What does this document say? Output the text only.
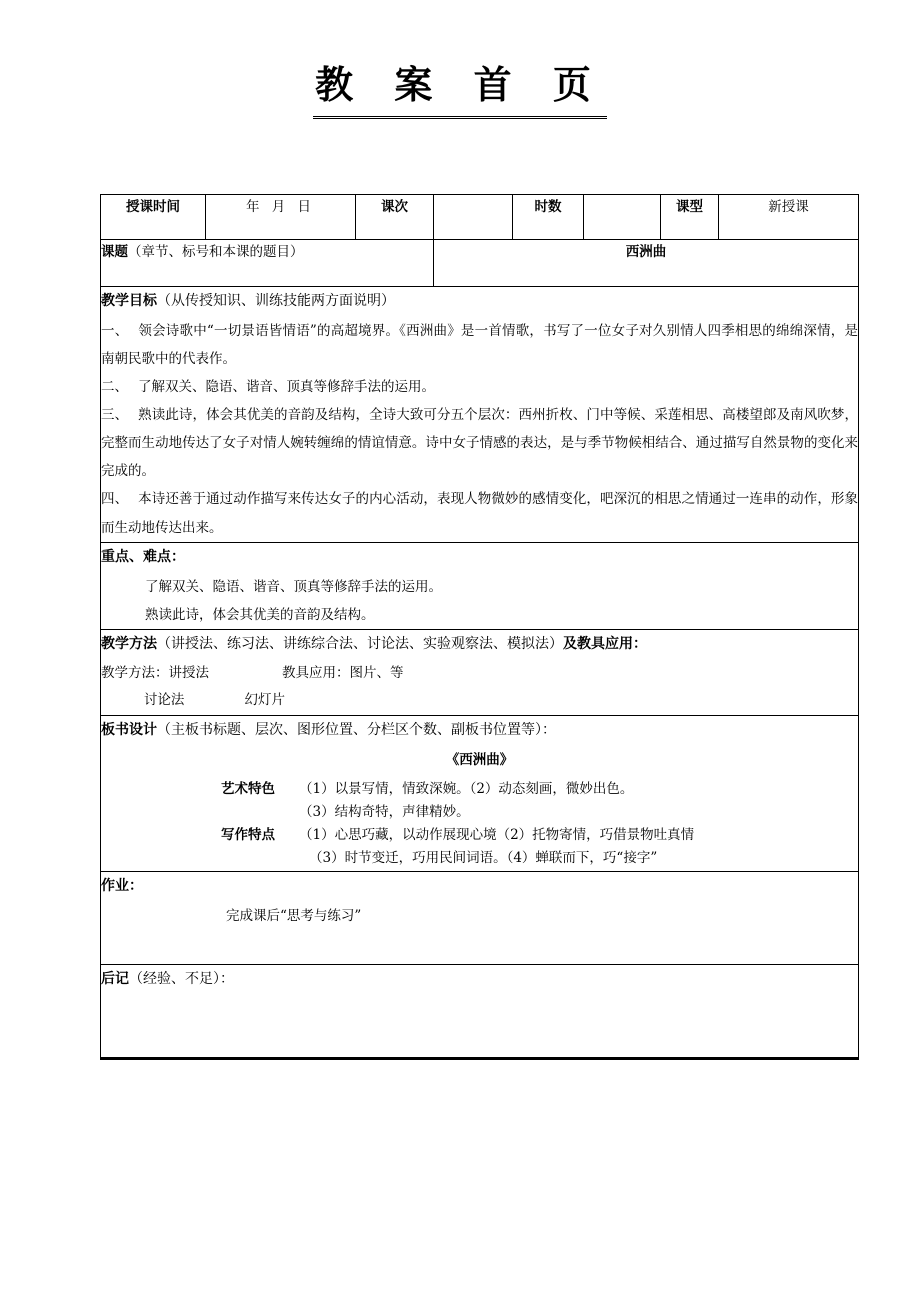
教 案 首 页
授课时间	年 月 日	课次		时数		课型	新授课
课题（章节、标号和本课的题目）			西洲曲				

教学目标（从传授知识、训练技能两方面说明）

一、 领会诗歌中“一切景语皆情语”的高超境界。《西洲曲》是一首情歌，书写了一位女子对久别情人四季相思的绵绵深情，是南朝民歌中的代表作。

二、 了解双关、隐语、谐音、顶真等修辞手法的运用。

三、 熟读此诗，体会其优美的音韵及结构，全诗大致可分五个层次：西州折枚、门中等候、采莲相思、高楼望郎及南风吹梦，完整而生动地传达了女子对情人婉转缠绵的情谊情意。诗中女子情感的表达，是与季节物候相结合、通过描写自然景物的变化来完成的。

四、 本诗还善于通过动作描写来传达女子的内心活动，表现人物微妙的感情变化，吧深沉的相思之情通过一连串的动作，形象而生动地传达出来。							

重点、难点：

了解双关、隐语、谐音、顶真等修辞手法的运用。

熟读此诗，体会其优美的音韵及结构。							

教学方法（讲授法、练习法、讲练综合法、讨论法、实验观察法、模拟法）及教具应用：

教学方法：讲授法                 教具应用：图片、等

讨论法              幻灯片							

板书设计（主板书标题、层次、图形位置、分栏区个数、副板书位置等）：
《西洲曲》
艺术特色	（1）以景写情，情致深婉。（2）动态刻画，微妙出色。
（3）结构奇特，声律精妙。
写作特点	（1）心思巧藏，以动作展现心境（2）托物寄情，巧借景物吐真情
（3）时节变迁，巧用民间词语。（4）蝉联而下，巧“接字”

作业：

完成课后“思考与练习”							

后记（经验、不足）：							
